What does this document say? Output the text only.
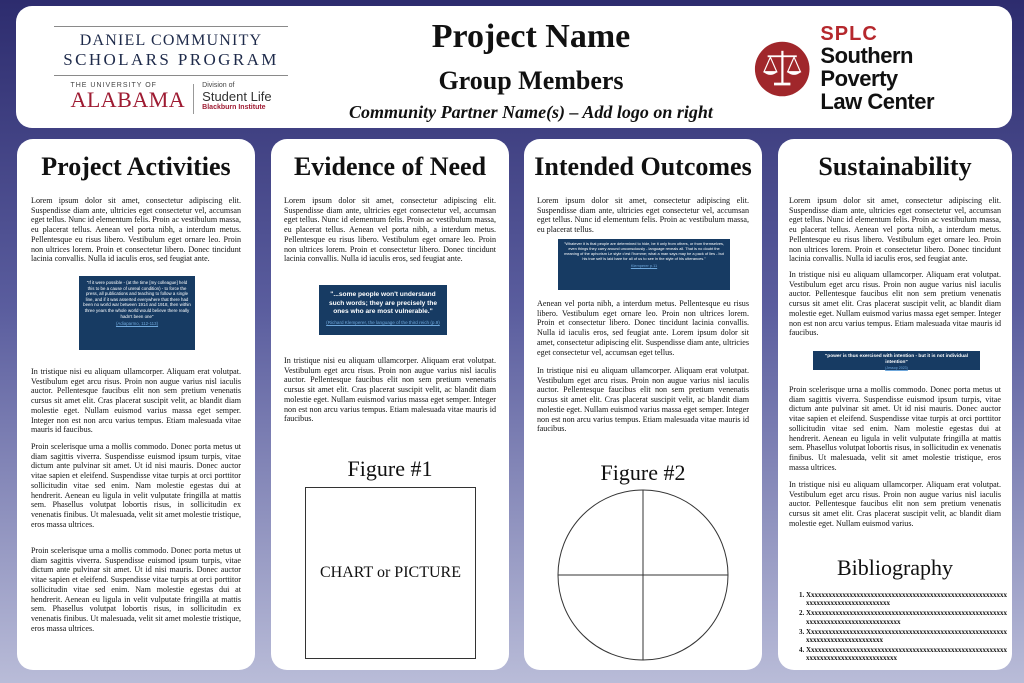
DANIEL COMMUNITY
SCHOLARS PROGRAM
THE UNIVERSITY OF
ALABAMA
Division of
Student Life
Blackburn Institute
Project Name
Group Members
Community Partner Name(s) – Add logo on right
SPLC
Southern Poverty
Law Center
Project Activities

Lorem ipsum dolor sit amet, consectetur adipiscing elit. Suspendisse diam ante, ultricies eget consectetur vel, accumsan eget tellus. Nunc id elementum felis. Proin ac vestibulum massa, eu placerat tellus. Aenean vel porta nibh, a interdum metus. Pellentesque eu risus libero. Vestibulum eget ornare leo. Proin non ultrices lorem. Proin et consectetur libero. Donec tincidunt lacinia convallis. Nulla id iaculis eros, sed feugiat ante.

"If it were possible - (at the time [my colleague] held this to be a cause of unreal condition) - to force the press, all publications and teaching to follow a single line, and if it was asserted everywhere that there had been no world war between 1914 and 1918, then within three years the whole world would believe there really hadn't been one"
(Adiaparmo, 112-113)

In tristique nisi eu aliquam ullamcorper. Aliquam erat volutpat. Vestibulum eget arcu risus. Proin non augue varius nisl iaculis auctor. Pellentesque faucibus elit non sem pretium venenatis cursus sit amet elit. Cras placerat suscipit velit, ac blandit diam molestie eget. Nullam euismod varius massa eget semper. Integer non est non arcu varius tempus. Etiam malesuada vitae mauris id faucibus.

Proin scelerisque urna a mollis commodo. Donec porta metus ut diam sagittis viverra. Suspendisse euismod ipsum turpis, vitae dictum ante pulvinar sit amet. Ut id nisi mauris. Donec auctor vitae sapien et eleifend. Suspendisse vitae turpis at orci porttitor sollicitudin vitae sed enim. Nam molestie egestas dui at hendrerit. Aenean eu ligula in velit vulputate fringilla at mattis sem. Phasellus volutpat lobortis risus, in sollicitudin ex venenatis finibus. Ut malesuada, velit sit amet molestie tristique, eros massa ultrices.

Proin scelerisque urna a mollis commodo. Donec porta metus ut diam sagittis viverra. Suspendisse euismod ipsum turpis, vitae dictum ante pulvinar sit amet. Ut id nisi mauris. Donec auctor vitae sapien et eleifend. Suspendisse vitae turpis at orci porttitor sollicitudin vitae sed enim. Nam molestie egestas dui at hendrerit. Aenean eu ligula in velit vulputate fringilla at mattis sem. Phasellus volutpat lobortis risus, in sollicitudin ex venenatis finibus. Ut malesuada, velit sit amet molestie tristique, eros massa ultrices.

Evidence of Need

Lorem ipsum dolor sit amet, consectetur adipiscing elit. Suspendisse diam ante, ultricies eget consectetur vel, accumsan eget tellus. Nunc id elementum felis. Proin ac vestibulum massa, eu placerat tellus. Aenean vel porta nibh, a interdum metus. Pellentesque eu risus libero. Vestibulum eget ornare leo. Proin non ultrices lorem. Proin et consectetur libero. Donec tincidunt lacinia convallis. Nulla id iaculis eros, sed feugiat ante.

"...some people won't understand such words; they are precisely the ones who are most vulnerable."
(Richard Klemperer, the language of the third reich (p.9)

In tristique nisi eu aliquam ullamcorper. Aliquam erat volutpat. Vestibulum eget arcu risus. Proin non augue varius nisl iaculis auctor. Pellentesque faucibus elit non sem pretium venenatis cursus sit amet elit. Cras placerat suscipit velit, ac blandit diam molestie eget. Nullam euismod varius massa eget semper. Integer non est non arcu varius tempus. Etiam malesuada vitae mauris id faucibus.

Figure #1
CHART or PICTURE
Intended Outcomes

Lorem ipsum dolor sit amet, consectetur adipiscing elit. Suspendisse diam ante, ultricies eget consectetur vel, accumsan eget tellus. Nunc id elementum felis. Proin ac vestibulum massa, eu placerat tellus.

"Whatever it is that people are determined to hide, be it only from others, or from themselves, even things they carry around unconsciously - language reveals all. That is no doubt the meaning of the aphorism Le style c'est l'homme; what a man says may be a pack of lies - but his true self is laid bare for all of us to see in the style of his utterances."
Klemperer p.11

Aenean vel porta nibh, a interdum metus. Pellentesque eu risus libero. Vestibulum eget ornare leo. Proin non ultrices lorem. Proin et consectetur libero. Donec tincidunt lacinia convallis. Nulla id iaculis eros, sed feugiat ante. Lorem ipsum dolor sit amet, consectetur adipiscing elit. Suspendisse diam ante, ultricies eget consectetur vel, accumsan eget tellus.

In tristique nisi eu aliquam ullamcorper. Aliquam erat volutpat. Vestibulum eget arcu risus. Proin non augue varius nisl iaculis auctor. Pellentesque faucibus elit non sem pretium venenatis cursus sit amet elit. Cras placerat suscipit velit, ac blandit diam molestie eget. Nullam euismod varius massa eget semper. Integer non est non arcu varius tempus. Etiam malesuada vitae mauris id faucibus.

Figure #2
Sustainability

Lorem ipsum dolor sit amet, consectetur adipiscing elit. Suspendisse diam ante, ultricies eget consectetur vel, accumsan eget tellus. Nunc id elementum felis. Proin ac vestibulum massa, eu placerat tellus. Aenean vel porta nibh, a interdum metus. Pellentesque eu risus libero. Vestibulum eget ornare leo. Proin non ultrices lorem. Proin et consectetur libero. Donec tincidunt lacinia convallis. Nulla id iaculis eros, sed feugiat ante.

In tristique nisi eu aliquam ullamcorper. Aliquam erat volutpat. Vestibulum eget arcu risus. Proin non augue varius nisl iaculis auctor. Pellentesque faucibus elit non sem pretium venenatis cursus sit amet elit. Cras placerat suscipit velit, ac blandit diam molestie eget. Nullam euismod varius massa eget semper. Integer non est non arcu varius tempus. Etiam malesuada vitae mauris id faucibus.

"power is thus exercised with intention - but it is not individual intention"
(Jessop 2023)

Proin scelerisque urna a mollis commodo. Donec porta metus ut diam sagittis viverra. Suspendisse euismod ipsum turpis, vitae dictum ante pulvinar sit amet. Ut id nisi mauris. Donec auctor vitae sapien et eleifend. Suspendisse vitae turpis at orci porttitor sollicitudin vitae sed enim. Nam molestie egestas dui at hendrerit. Aenean eu ligula in velit vulputate fringilla at mattis sem. Phasellus volutpat lobortis risus, in sollicitudin ex venenatis finibus. Ut malesuada, velit sit amet molestie tristique, eros massa ultrices.

In tristique nisi eu aliquam ullamcorper. Aliquam erat volutpat. Vestibulum eget arcu risus. Proin non augue varius nisl iaculis auctor. Pellentesque faucibus elit non sem pretium venenatis cursus sit amet elit. Cras placerat suscipit velit, ac blandit diam molestie eget. Nullam euismod varius.

Bibliography
1. Xxxxxxxxxxxxxxxxxxxxxxxxxxxxxxxxxxxxxxxxxxxxxxxxxxxxxxxxxxxxxxxxxxxxxxxxxxxxxxxxx
2. Xxxxxxxxxxxxxxxxxxxxxxxxxxxxxxxxxxxxxxxxxxxxxxxxxxxxxxxxxxxxxxxxxxxxxxxxxxxxxxxxxxxx
3. Xxxxxxxxxxxxxxxxxxxxxxxxxxxxxxxxxxxxxxxxxxxxxxxxxxxxxxxxxxxxxxxxxxxxxxxxxxxxxxx
4. Xxxxxxxxxxxxxxxxxxxxxxxxxxxxxxxxxxxxxxxxxxxxxxxxxxxxxxxxxxxxxxxxxxxxxxxxxxxxxxxxxxx
